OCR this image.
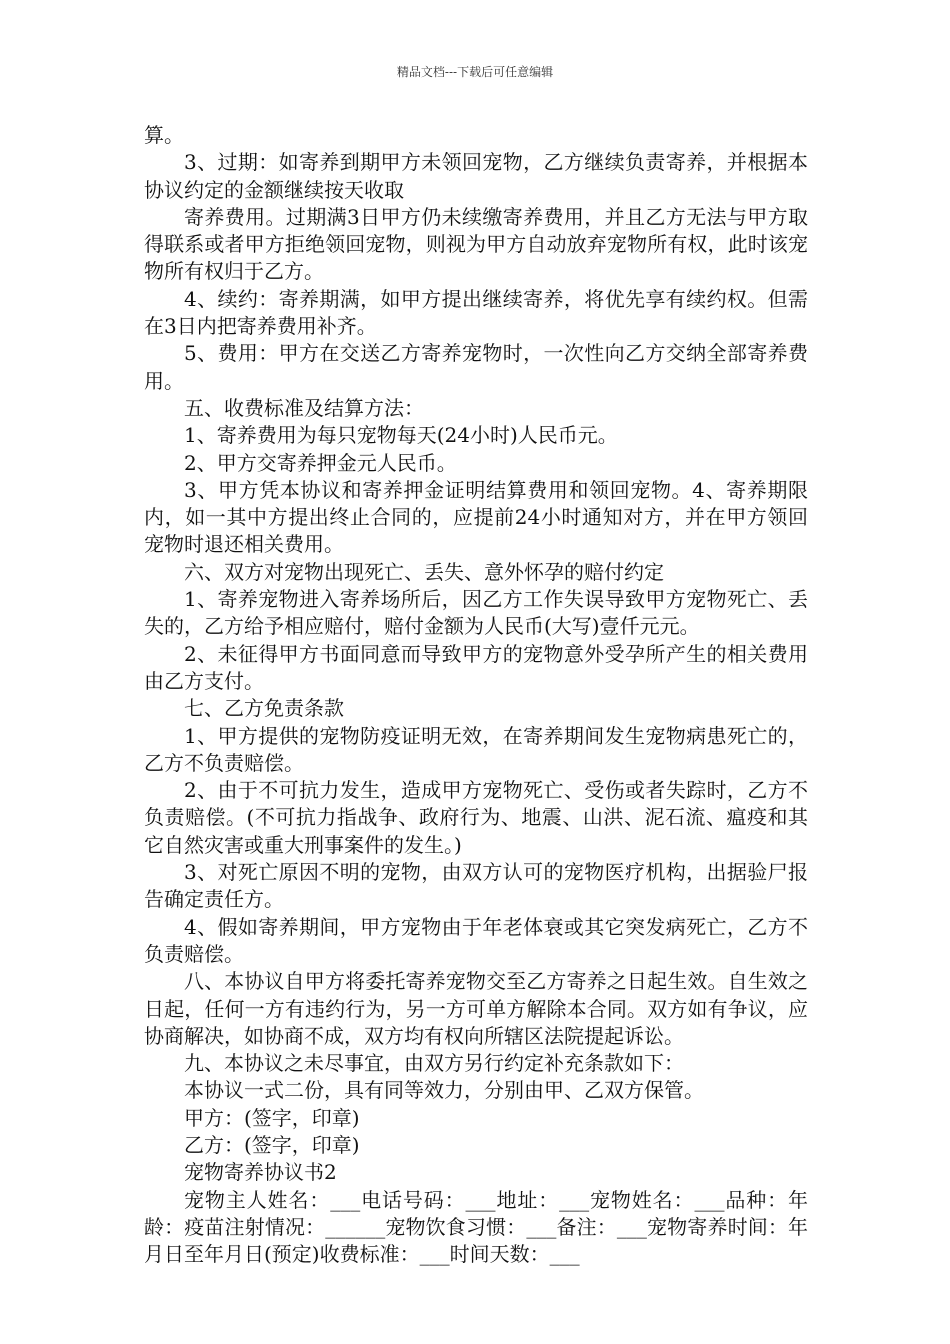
精品文档---下载后可任意编辑

算。

3、过期：如寄养到期甲方未领回宠物，乙方继续负责寄养，并根据本协议约定的金额继续按天收取

寄养费用。过期满3日甲方仍未续缴寄养费用，并且乙方无法与甲方取得联系或者甲方拒绝领回宠物，则视为甲方自动放弃宠物所有权，此时该宠物所有权归于乙方。

4、续约：寄养期满，如甲方提出继续寄养，将优先享有续约权。但需在3日内把寄养费用补齐。

5、费用：甲方在交送乙方寄养宠物时，一次性向乙方交纳全部寄养费用。

五、收费标准及结算方法：

1、寄养费用为每只宠物每天(24小时)人民币元。

2、甲方交寄养押金元人民币。

3、甲方凭本协议和寄养押金证明结算费用和领回宠物。4、寄养期限内，如一其中方提出终止合同的，应提前24小时通知对方，并在甲方领回宠物时退还相关费用。

六、双方对宠物出现死亡、丢失、意外怀孕的赔付约定

1、寄养宠物进入寄养场所后，因乙方工作失误导致甲方宠物死亡、丢失的，乙方给予相应赔付，赔付金额为人民币(大写)壹仟元元。

2、未征得甲方书面同意而导致甲方的宠物意外受孕所产生的相关费用由乙方支付。

七、乙方免责条款

1、甲方提供的宠物防疫证明无效，在寄养期间发生宠物病患死亡的，乙方不负责赔偿。

2、由于不可抗力发生，造成甲方宠物死亡、受伤或者失踪时，乙方不负责赔偿。(不可抗力指战争、政府行为、地震、山洪、泥石流、瘟疫和其它自然灾害或重大刑事案件的发生。)

3、对死亡原因不明的宠物，由双方认可的宠物医疗机构，出据验尸报告确定责任方。

4、假如寄养期间，甲方宠物由于年老体衰或其它突发病死亡，乙方不负责赔偿。

八、本协议自甲方将委托寄养宠物交至乙方寄养之日起生效。自生效之日起，任何一方有违约行为，另一方可单方解除本合同。双方如有争议，应协商解决，如协商不成，双方均有权向所辖区法院提起诉讼。

九、本协议之未尽事宜，由双方另行约定补充条款如下：

本协议一式二份，具有同等效力，分别由甲、乙双方保管。

甲方：(签字，印章)

乙方：(签字，印章)

宠物寄养协议书2

宠物主人姓名：___电话号码：___地址：___宠物姓名：___品种：年龄：疫苗注射情况：______宠物饮食习惯：___备注：___宠物寄养时间：年月日至年月日(预定)收费标准：___时间天数：___
